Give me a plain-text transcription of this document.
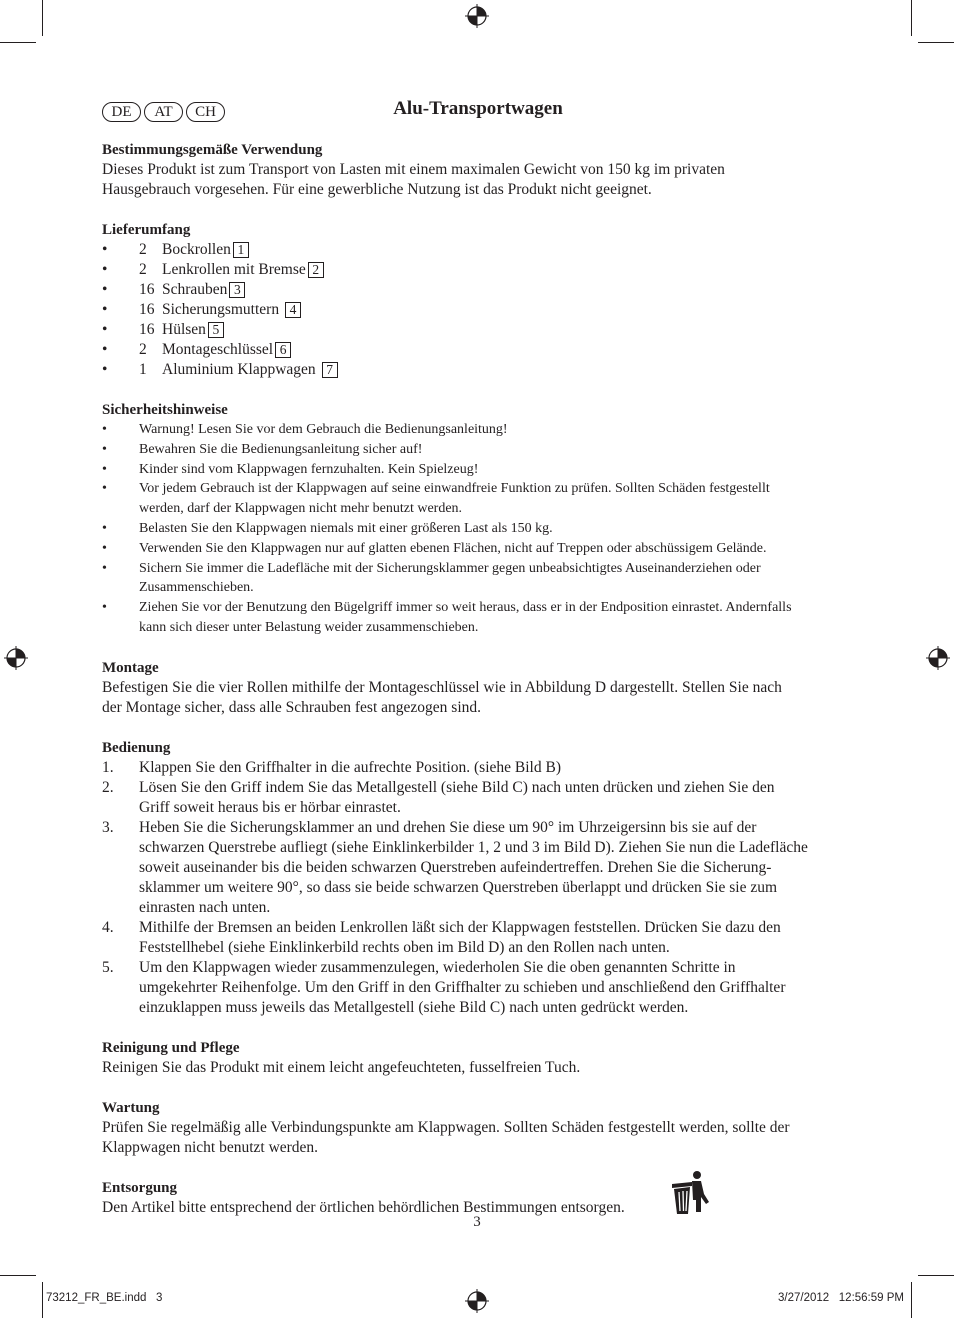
DE	AT	CH	Alu-Transportwagen
Bestimmungsgemäße Verwendung

Dieses Produkt ist zum Transport von Lasten mit einem maximalen Gewicht von 150 kg im privaten

Hausgebrauch vorgesehen. Für eine gewerbliche Nutzung ist das Produkt nicht geeignet.

Lieferumfang
• 2 Bockrollen 1
• 2 Lenkrollen mit Bremse 2
• 16 Schrauben 3
• 16 Sicherungsmuttern 4
• 16 Hülsen 5
• 2 Montageschlüssel 6
• 1 Aluminium Klappwagen 7
Sicherheitshinweise
• Warnung! Lesen Sie vor dem Gebrauch die Bedienungsanleitung!
• Bewahren Sie die Bedienungsanleitung sicher auf!
• Kinder sind vom Klappwagen fernzuhalten. Kein Spielzeug!
• Vor jedem Gebrauch ist der Klappwagen auf seine einwandfreie Funktion zu prüfen. Sollten Schäden festgestellt
werden, darf der Klappwagen nicht mehr benutzt werden.
• Belasten Sie den Klappwagen niemals mit einer größeren Last als 150 kg.
• Verwenden Sie den Klappwagen nur auf glatten ebenen Flächen, nicht auf Treppen oder abschüssigem Gelände.
• Sichern Sie immer die Ladefläche mit der Sicherungsklammer gegen unbeabsichtigtes Auseinanderziehen oder
Zusammenschieben.
• Ziehen Sie vor der Benutzung den Bügelgriff immer so weit heraus, dass er in der Endposition einrastet. Andernfalls
kann sich dieser unter Belastung weider zusammenschieben.
Montage

Befestigen Sie die vier Rollen mithilfe der Montageschlüssel wie in Abbildung D dargestellt. Stellen Sie nach

der Montage sicher, dass alle Schrauben fest angezogen sind.

Bedienung
1. Klappen Sie den Griffhalter in die aufrechte Position. (siehe Bild B)
2. Lösen Sie den Griff indem Sie das Metallgestell (siehe Bild C) nach unten drücken und ziehen Sie den
Griff soweit heraus bis er hörbar einrastet.
3. Heben Sie die Sicherungsklammer an und drehen Sie diese um 90° im Uhrzeigersinn bis sie auf der
schwarzen Querstrebe aufliegt (siehe Einklinkerbilder 1, 2 und 3 im Bild D). Ziehen Sie nun die Ladefläche
soweit auseinander bis die beiden schwarzen Querstreben aufeindertreffen. Drehen Sie die Sicherung-
sklammer um weitere 90°, so dass sie beide schwarzen Querstreben überlappt und drücken Sie sie zum
einrasten nach unten.
4. Mithilfe der Bremsen an beiden Lenkrollen läßt sich der Klappwagen feststellen. Drücken Sie dazu den
Feststellhebel (siehe Einklinkerbild rechts oben im Bild D) an den Rollen nach unten.
5. Um den Klappwagen wieder zusammenzulegen, wiederholen Sie die oben genannten Schritte in
umgekehrter Reihenfolge. Um den Griff in den Griffhalter zu schieben und anschließend den Griffhalter
einzuklappen muss jeweils das Metallgestell (siehe Bild C) nach unten gedrückt werden.
Reinigung und Pflege

Reinigen Sie das Produkt mit einem leicht angefeuchteten, fusselfreien Tuch.

Wartung

Prüfen Sie regelmäßig alle Verbindungspunkte am Klappwagen. Sollten Schäden festgestellt werden, sollte der

Klappwagen nicht benutzt werden.

Entsorgung

Den Artikel bitte entsprechend der örtlichen behördlichen Bestimmungen entsorgen.

3

73212_FR_BE.indd   3	3/27/2012   12:56:59 PM
